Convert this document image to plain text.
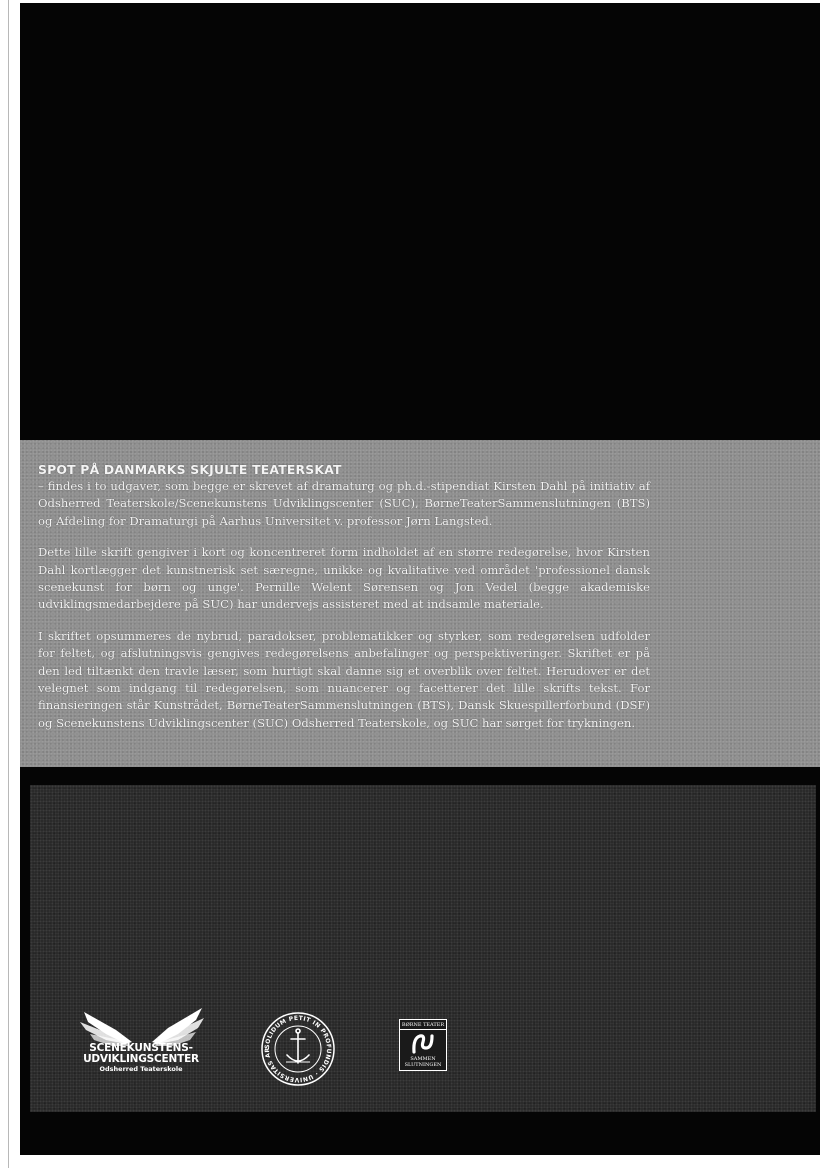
SPOT PÅ DANMARKS SKJULTE TEATERSKAT

– findes i to udgaver, som begge er skrevet af dramaturg og ph.d.-stipendiat Kirsten Dahl på initiativ af Odsherred Teaterskole/Scenekunstens Udviklingscenter (SUC), BørneTeaterSammenslutningen (BTS) og Afdeling for Dramaturgi på Aarhus Universitet v. professor Jørn Langsted.

Dette lille skrift gengiver i kort og koncentreret form indholdet af en større redegørelse, hvor Kirsten Dahl kortlægger det kunstnerisk set særegne, unikke og kvalitative ved området 'professionel dansk scenekunst for børn og unge'. Pernille Welent Sørensen og Jon Vedel (begge akademiske udviklingsmedarbejdere på SUC) har undervejs assisteret med at indsamle materiale.

I skriftet opsummeres de nybrud, paradokser, problematikker og styrker, som redegørelsen udfolder for feltet, og afslutningsvis gengives redegørelsens anbefalinger og perspektiveringer. Skriftet er på den led tiltænkt den travle læser, som hurtigt skal danne sig et overblik over feltet. Herudover er det velegnet som indgang til redegørelsen, som nuancerer og facetterer det lille skrifts tekst. For finansieringen står Kunstrådet, BørneTeaterSammenslutningen (BTS), Dansk Skuespillerforbund (DSF) og Scenekunstens Udviklingscenter (SUC) Odsherred Teaterskole, og SUC har sørget for trykningen.

SCENEKUNSTENS-
UDVIKLINGSCENTER
Odsherred Teaterskole
SOLIDUM PETIT IN PROFUNDIS · UNIVERSITAS AR
BØRNE TEATER
SAMMEN SLUTNINGEN
